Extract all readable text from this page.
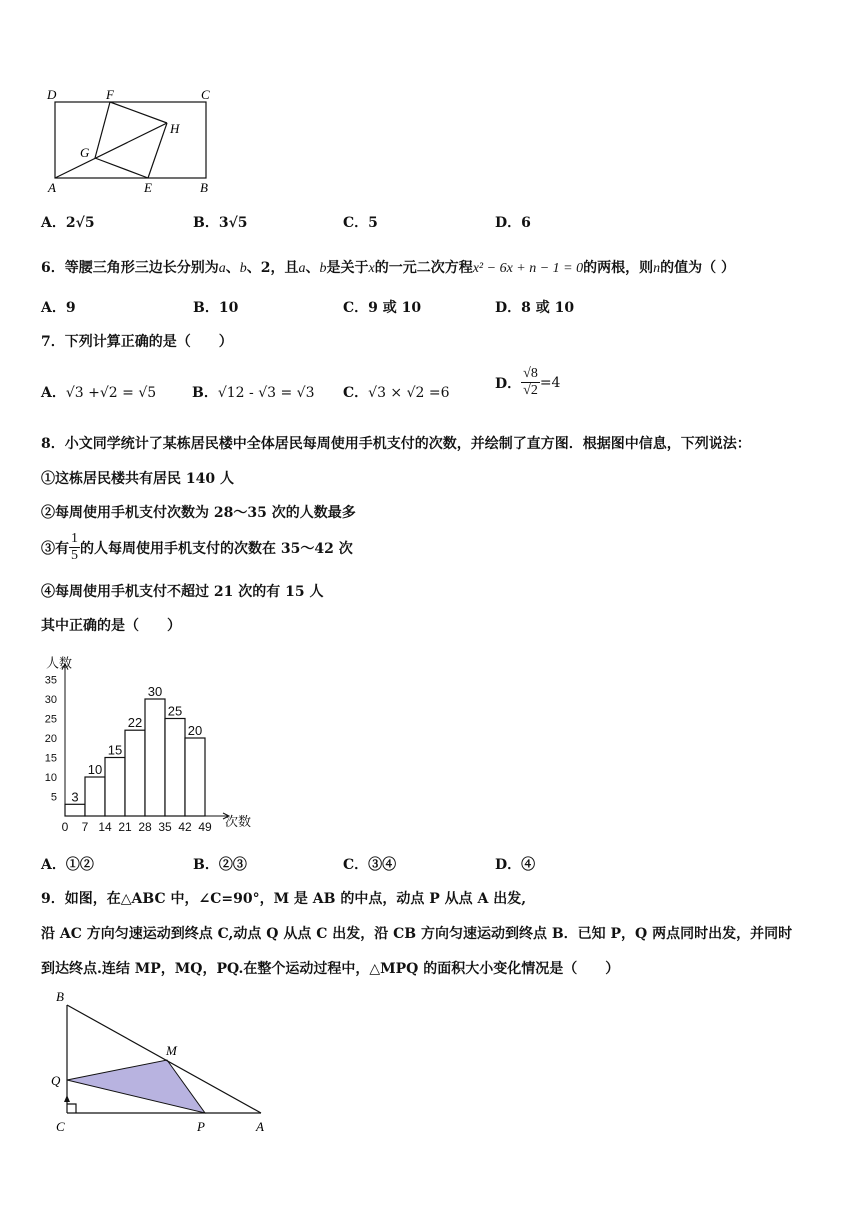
D	F	C
G
H
A	E	B
A．2√5	B．3√5	C．5	D．6
6．等腰三角形三边长分别为a、b、2，且a、b是关于x的一元二次方程x² − 6x + n − 1 = 0的两根，则n的值为（ ）
A．9	B．10	C．9 或 10	D．8 或 10
7．下列计算正确的是（　　）
A．√3 +√2 = √5	B．√12 - √3 = √3 C．√3 × √2 =6
D． $\frac{√8}{√2} =4$
8．小文同学统计了某栋居民楼中全体居民每周使用手机支付的次数，并绘制了直方图．根据图中信息，下列说法：
①这栋居民楼共有居民 140 人
②每周使用手机支付次数为 28～35 次的人数最多
③有 $\frac{1}{5}$ 的人每周使用手机支付的次数在 35～42 次
④每周使用手机支付不超过 21 次的有 15 人
其中正确的是（　　）
5
10
15
20
25
30
35
0 7 14 21 28 35 42 49
3
10
15
22
30
25
20
人数
次数
A．①②	B．②③	C．③④	D．④
9．如图，在△ABC 中，∠C=90°，M 是 AB 的中点，动点 P 从点 A 出发,
沿 AC 方向匀速运动到终点 C,动点 Q 从点 C 出发，沿 CB 方向匀速运动到终点 B．已知 P，Q 两点同时出发，并同时
到达终点.连结 MP，MQ，PQ.在整个运动过程中，△MPQ 的面积大小变化情况是（　　）
B
M
Q
C	P	A
